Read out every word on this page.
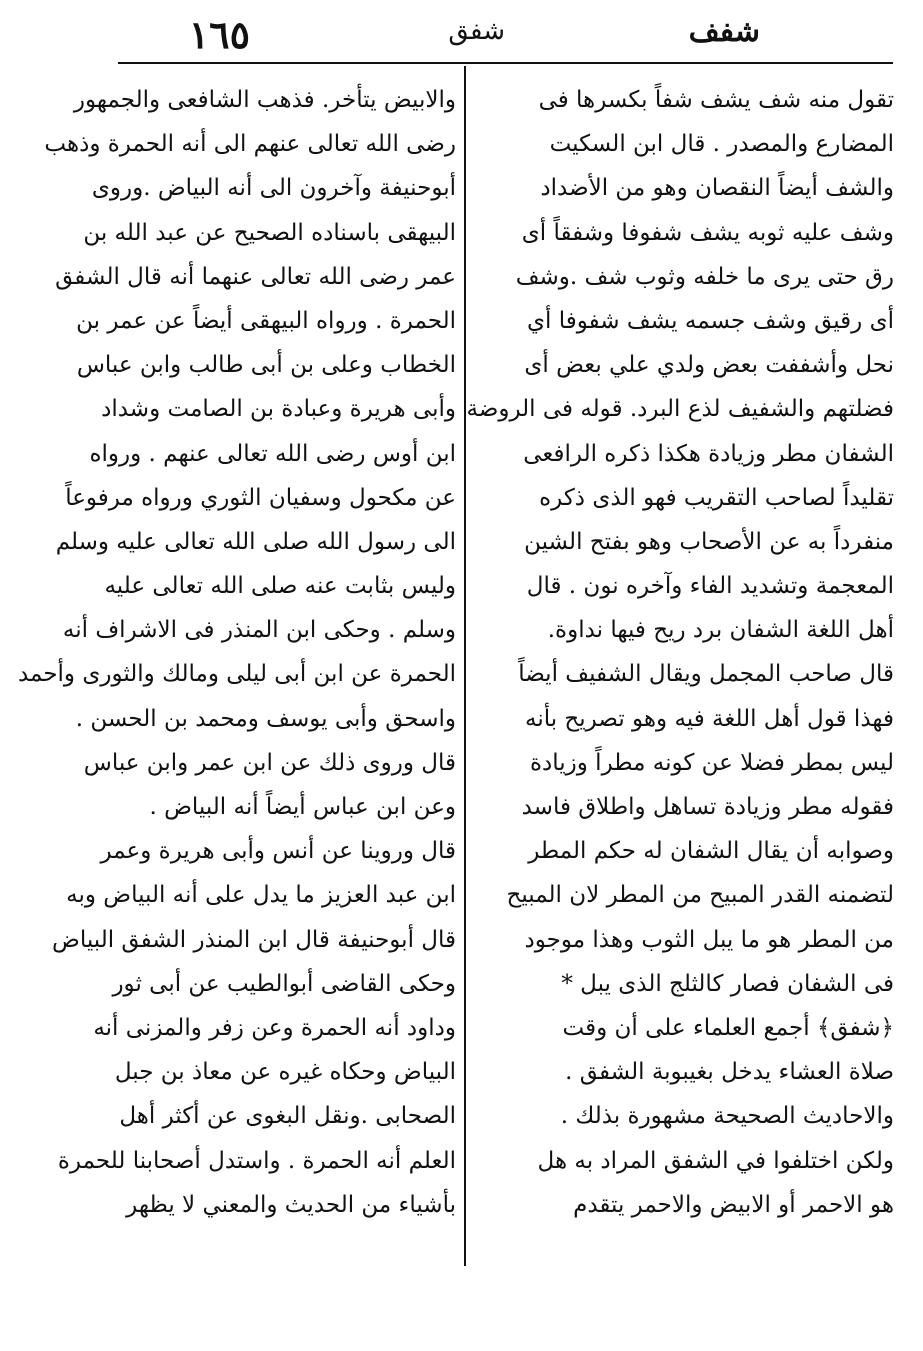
شفف
شفق
١٦٥
تقول منه شف يشف شفاً بكسرها فى
المضارع والمصدر . قال ابن السكيت
والشف أيضاً النقصان وهو من الأضداد
وشف عليه ثوبه يشف شفوفا وشفقاً أى
رق حتى يرى ما خلفه وثوب شف .وشف
أى رقيق وشف جسمه يشف شفوفا أي
نحل وأشففت بعض ولدي علي بعض أى
فضلتهم والشفيف لذع البرد. قوله فى الروضة
الشفان مطر وزيادة هكذا ذكره الرافعى
تقليداً لصاحب التقريب فهو الذى ذكره
منفرداً به عن الأصحاب وهو بفتح الشين
المعجمة وتشديد الفاء وآخره نون . قال
أهل اللغة الشفان برد ريح فيها نداوة.
قال صاحب المجمل ويقال الشفيف أيضاً
فهذا قول أهل اللغة فيه وهو تصريح بأنه
ليس بمطر فضلا عن كونه مطراً وزيادة
فقوله مطر وزيادة تساهل واطلاق فاسد
وصوابه أن يقال الشفان له حكم المطر
لتضمنه القدر المبيح من المطر لان المبيح
من المطر هو ما يبل الثوب وهذا موجود
فى الشفان فصار كالثلج الذى يبل *
﴿شفق﴾ أجمع العلماء على أن وقت
صلاة العشاء يدخل بغيبوبة الشفق .
والاحاديث الصحيحة مشهورة بذلك .
ولكن اختلفوا في الشفق المراد به هل
هو الاحمر أو الابيض والاحمر يتقدم
والابيض يتأخر. فذهب الشافعى والجمهور
رضى الله تعالى عنهم الى أنه الحمرة وذهب
أبوحنيفة وآخرون الى أنه البياض .وروى
البيهقى باسناده الصحيح عن عبد الله بن
عمر رضى الله تعالى عنهما أنه قال الشفق
الحمرة . ورواه البيهقى أيضاً عن عمر بن
الخطاب وعلى بن أبى طالب وابن عباس
وأبى هريرة وعبادة بن الصامت وشداد
ابن أوس رضى الله تعالى عنهم . ورواه
عن مكحول وسفيان الثوري ورواه مرفوعاً
الى رسول الله صلى الله تعالى عليه وسلم
وليس بثابت عنه صلى الله تعالى عليه
وسلم . وحكى ابن المنذر فى الاشراف أنه
الحمرة عن ابن أبى ليلى ومالك والثورى وأحمد
واسحق وأبى يوسف ومحمد بن الحسن .
قال وروى ذلك عن ابن عمر وابن عباس
وعن ابن عباس أيضاً أنه البياض .
قال وروينا عن أنس وأبى هريرة وعمر
ابن عبد العزيز ما يدل على أنه البياض وبه
قال أبوحنيفة قال ابن المنذر الشفق البياض
وحكى القاضى أبوالطيب عن أبى ثور
وداود أنه الحمرة وعن زفر والمزنى أنه
البياض وحكاه غيره عن معاذ بن جبل
الصحابى .ونقل البغوى عن أكثر أهل
العلم أنه الحمرة . واستدل أصحابنا للحمرة
بأشياء من الحديث والمعني لا يظهر
